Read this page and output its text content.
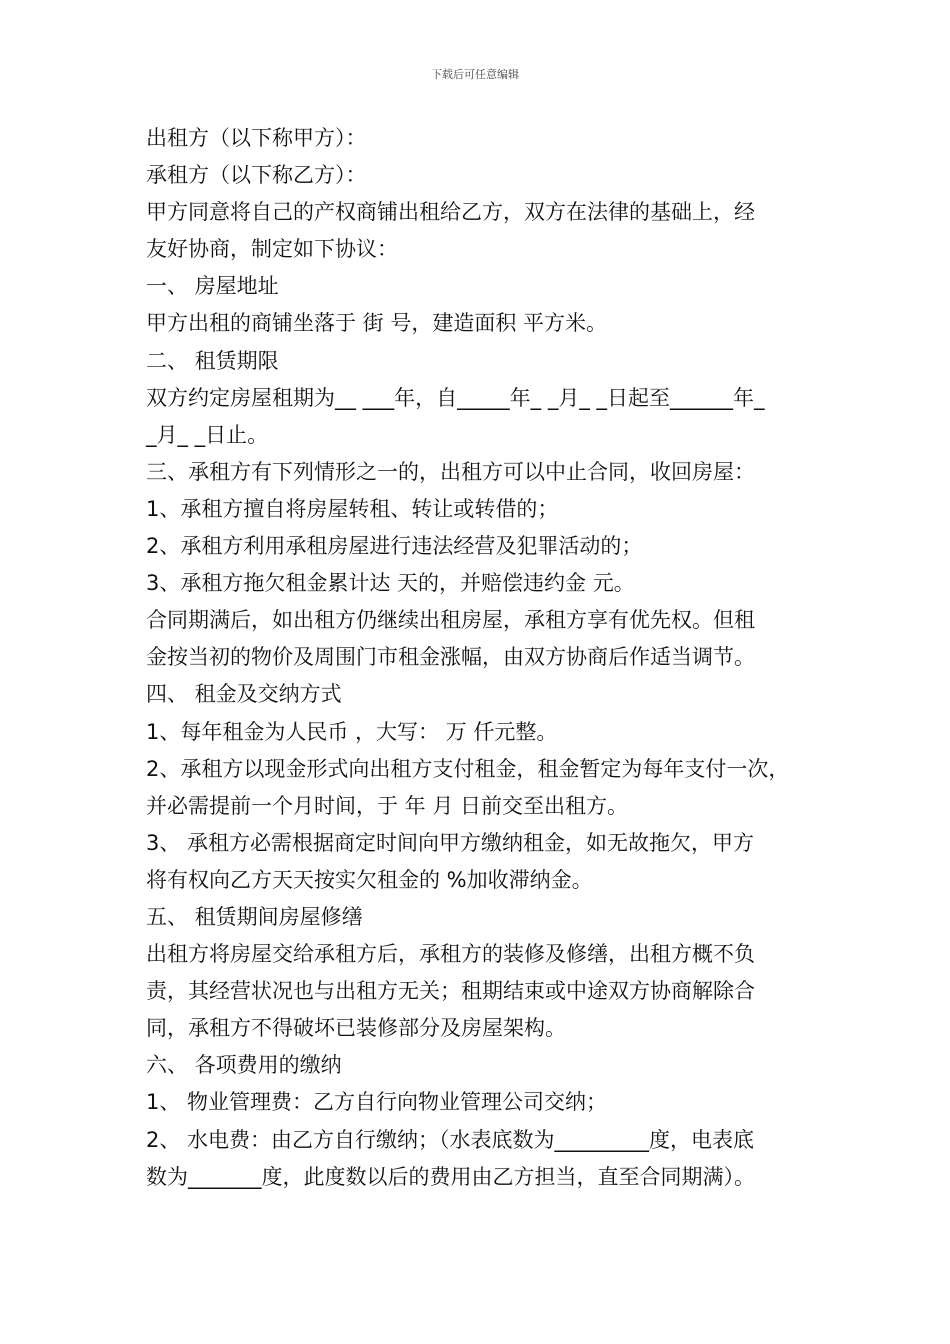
下载后可任意编辑
出租方（以下称甲方）：
承租方（以下称乙方）：
甲方同意将自己的产权商铺出租给乙方，双方在法律的基础上，经
友好协商，制定如下协议：
一、 房屋地址
甲方出租的商铺坐落于 街 号，建造面积 平方米。
二、 租赁期限
双方约定房屋租期为__ ___年，自_____年_ _月_ _日起至______年_
_月_ _日止。
三、承租方有下列情形之一的，出租方可以中止合同，收回房屋：
1、承租方擅自将房屋转租、转让或转借的；
2、承租方利用承租房屋进行违法经营及犯罪活动的；
3、承租方拖欠租金累计达 天的，并赔偿违约金 元。
合同期满后，如出租方仍继续出租房屋，承租方享有优先权。但租
金按当初的物价及周围门市租金涨幅，由双方协商后作适当调节。
四、 租金及交纳方式
1、每年租金为人民币 ，大写： 万 仟元整。
2、承租方以现金形式向出租方支付租金，租金暂定为每年支付一次，
并必需提前一个月时间，于 年 月 日前交至出租方。
3、 承租方必需根据商定时间向甲方缴纳租金，如无故拖欠，甲方
将有权向乙方天天按实欠租金的 %加收滞纳金。
五、 租赁期间房屋修缮
出租方将房屋交给承租方后，承租方的装修及修缮，出租方概不负
责，其经营状况也与出租方无关；租期结束或中途双方协商解除合
同，承租方不得破坏已装修部分及房屋架构。
六、 各项费用的缴纳
1、 物业管理费：乙方自行向物业管理公司交纳；
2、 水电费：由乙方自行缴纳；（水表底数为_________度，电表底
数为_______度，此度数以后的费用由乙方担当，直至合同期满）。
